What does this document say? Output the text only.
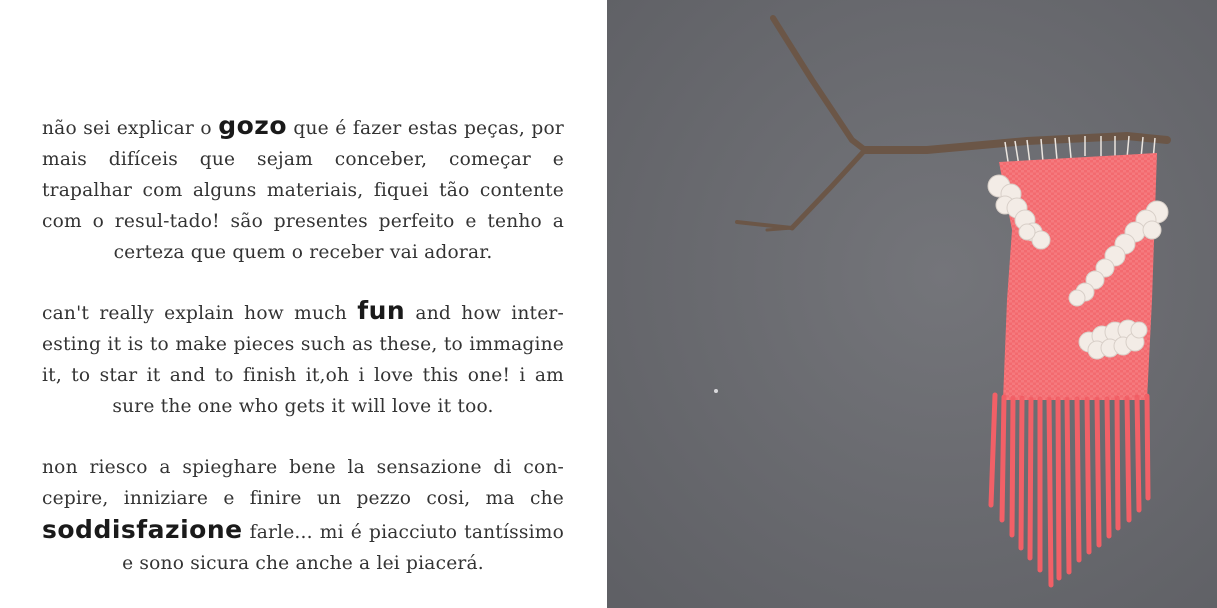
não sei explicar o gozo que é fazer estas peças, por mais difíceis que sejam conceber, começar e trapalhar com alguns materiais, fiquei tão contente com o resul-tado! são presentes perfeito e tenho a certeza que quem o receber vai adorar.

can't really explain how much fun and how inter-esting it is to make pieces such as these, to immagine it, to star it and to finish it,oh i love this one! i am sure the one who gets it will love it too.

non riesco a spieghare bene la sensazione di con-cepire, inniziare e finire un pezzo cosi, ma che soddisfazione farle... mi é piacciuto tantíssimo e sono sicura che anche a lei piacerá.
